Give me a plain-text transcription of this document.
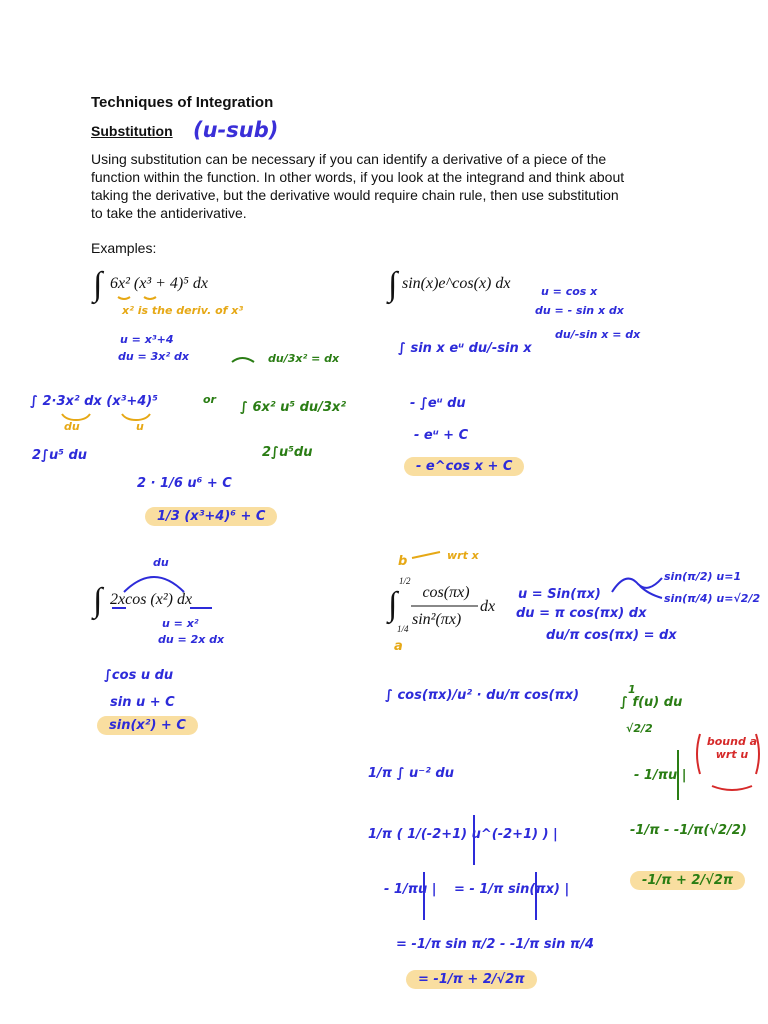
Techniques of Integration
Substitution (u-sub)
Using substitution can be necessary if you can identify a derivative of a piece of the
function within the function. In other words, if you look at the integrand and think about
taking the derivative, but the derivative would require chain rule, then use substitution
to take the antiderivative.
Examples:
∫ 6x² (x³ + 4)⁵ dx
x² is the deriv. of x³
u = x³+4
du = 3x² dx	du/3x² = dx
∫ 2·3x² dx (x³+4)⁵
du	u
or
∫ 6x² u⁵ du/3x²
2∫u⁵ du	2∫u⁵du
2 · 1/6 u⁶ + C
1/3 (x³+4)⁶ + C
∫ sin(x)e^cos(x) dx	u = cos x
du = - sin x dx
du/-sin x = dx
∫ sin x eᵘ du/-sin x
- ∫eᵘ du
- eᵘ + C
- e^cos x + C
du
∫ 2xcos (x²) dx
u = x²
du = 2x dx
∫cos u du
sin u + C
sin(x²) + C
b	wrt x
∫
1/2
1/4
cos(πx)
sin²(πx)
dx
a
u = Sin(πx)
du = π cos(πx) dx
du/π cos(πx) = dx
sin(π/2) u=1
sin(π/4) u=√2/2
∫ cos(πx)/u² · du/π cos(πx)
1/π ∫ u⁻² du
1/π ( 1/(-2+1) u^(-2+1) ) |
- 1/πu | = - 1/π sin(πx) |
= -1/π sin π/2 - -1/π sin π/4
= -1/π + 2/√2π
∫ f(u) du
1
√2/2
bound a wrt u
- 1/πu |
-1/π - -1/π(√2/2)
-1/π + 2/√2π
